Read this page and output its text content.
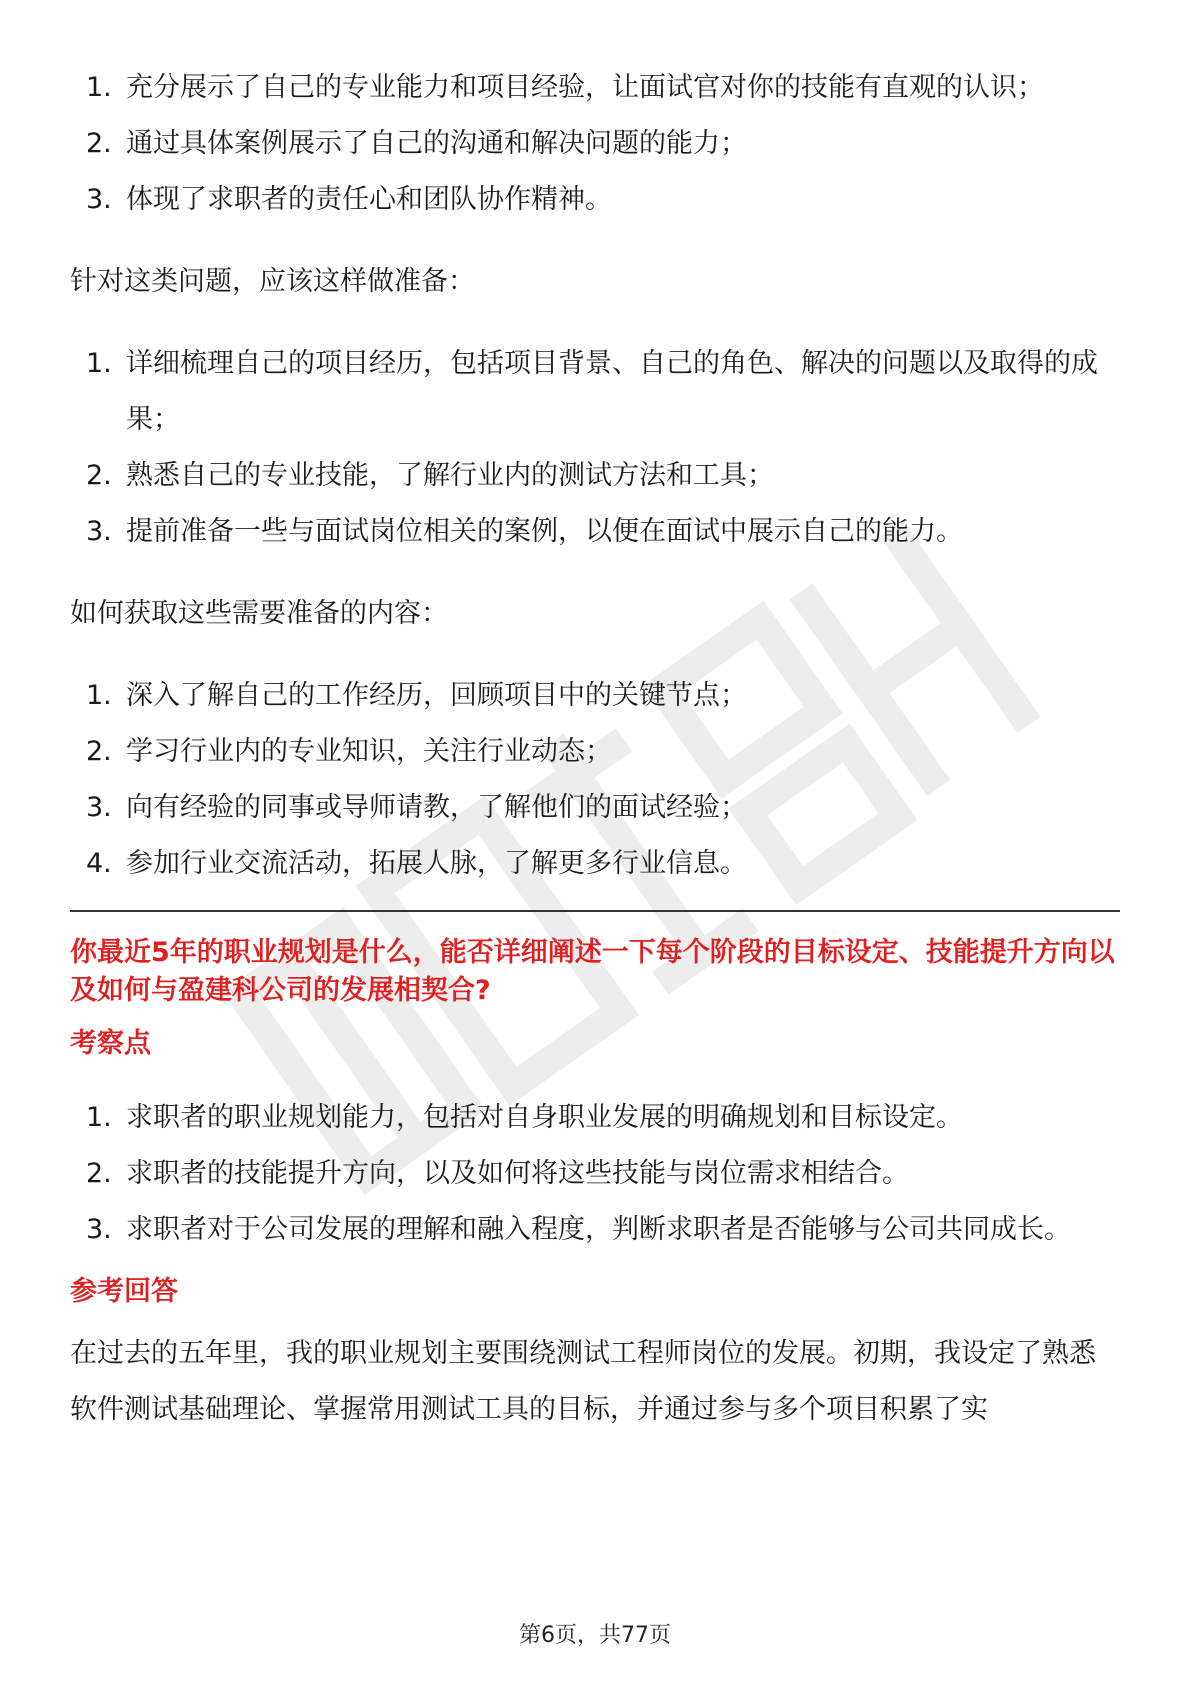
1. 充分展示了自己的专业能力和项目经验，让面试官对你的技能有直观的认识；
2. 通过具体案例展示了自己的沟通和解决问题的能力；
3. 体现了求职者的责任心和团队协作精神。

针对这类问题，应该这样做准备：

1. 详细梳理自己的项目经历，包括项目背景、自己的角色、解决的问题以及取得的成果；
2. 熟悉自己的专业技能，了解行业内的测试方法和工具；
3. 提前准备一些与面试岗位相关的案例，以便在面试中展示自己的能力。

如何获取这些需要准备的内容：

1. 深入了解自己的工作经历，回顾项目中的关键节点；
2. 学习行业内的专业知识，关注行业动态；
3. 向有经验的同事或导师请教，了解他们的面试经验；
4. 参加行业交流活动，拓展人脉，了解更多行业信息。

你最近5年的职业规划是什么，能否详细阐述一下每个阶段的目标设定、技能提升方向以及如何与盈建科公司的发展相契合?

考察点

1. 求职者的职业规划能力，包括对自身职业发展的明确规划和目标设定。
2. 求职者的技能提升方向，以及如何将这些技能与岗位需求相结合。
3. 求职者对于公司发展的理解和融入程度，判断求职者是否能够与公司共同成长。

参考回答

在过去的五年里，我的职业规划主要围绕测试工程师岗位的发展。初期，我设定了熟悉软件测试基础理论、掌握常用测试工具的目标，并通过参与多个项目积累了实

第6页，共77页
